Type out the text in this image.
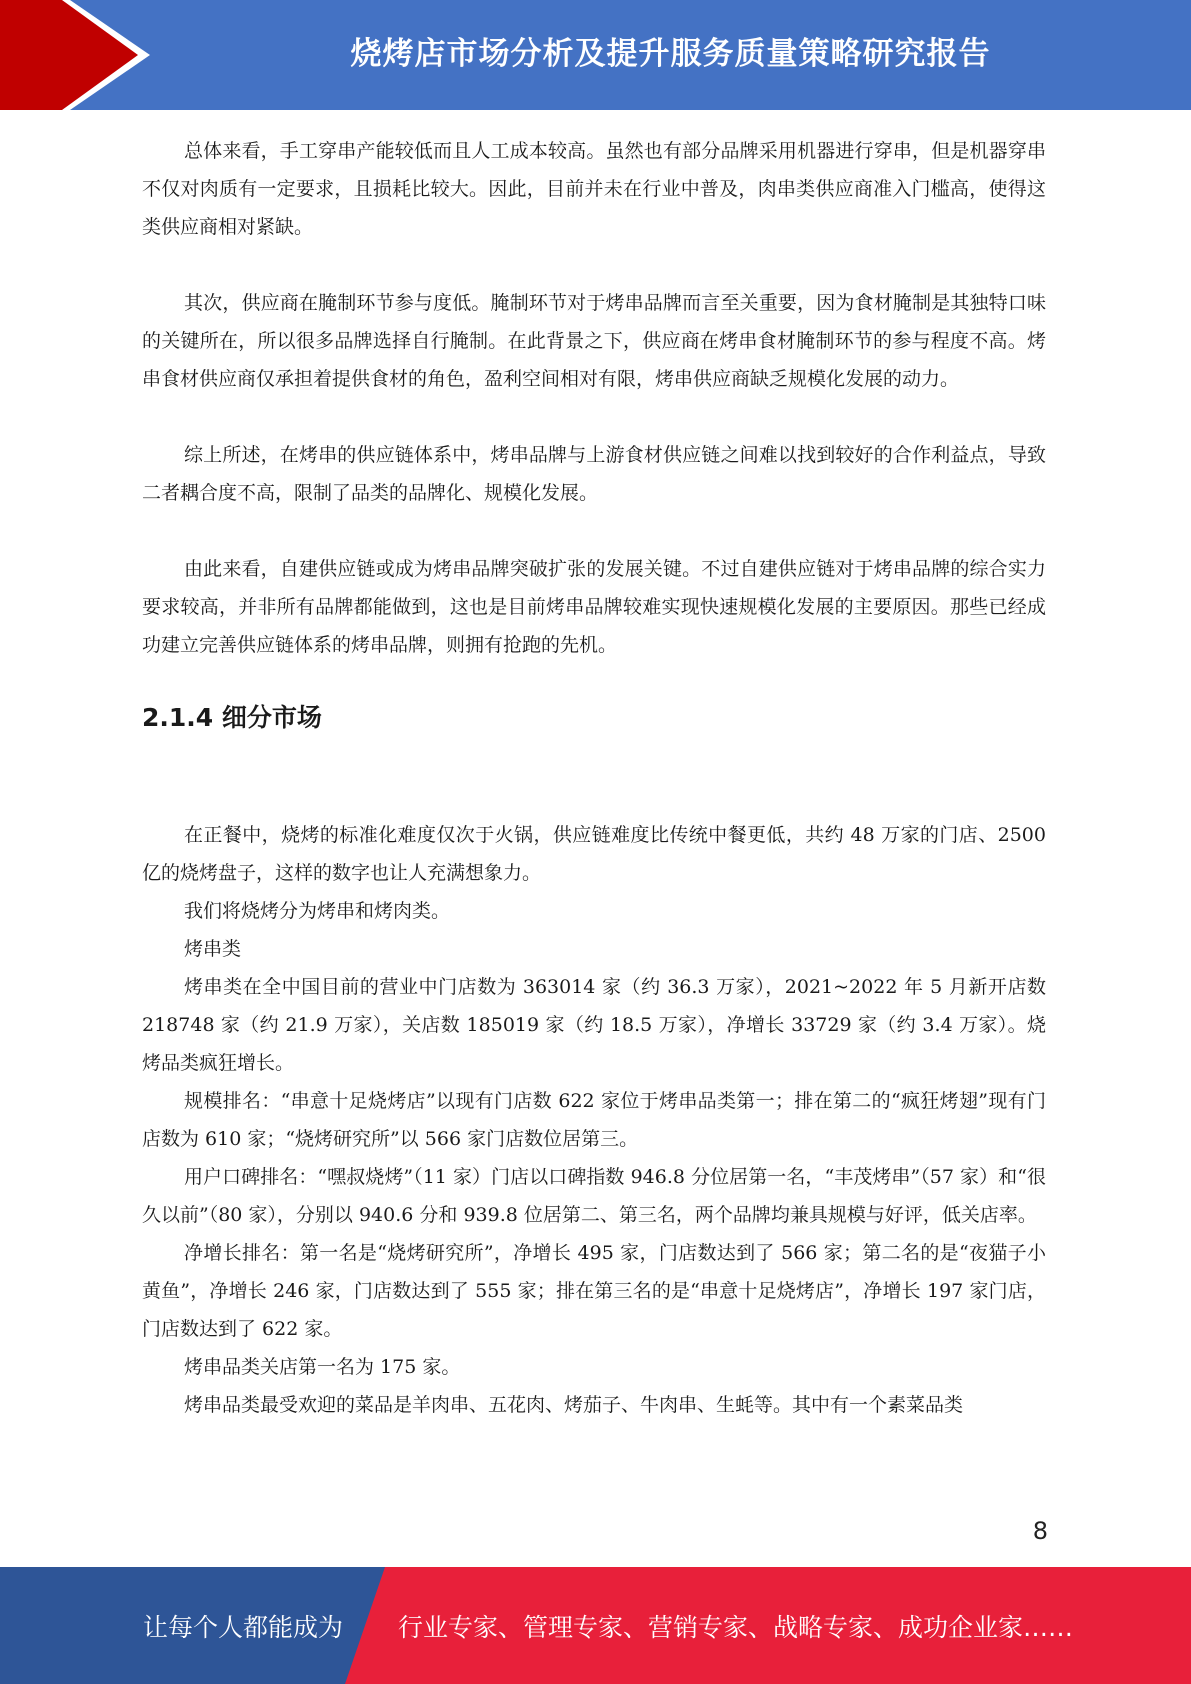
烧烤店市场分析及提升服务质量策略研究报告

总体来看，手工穿串产能较低而且人工成本较高。虽然也有部分品牌采用机器进行穿串，但是机器穿串不仅对肉质有一定要求，且损耗比较大。因此，目前并未在行业中普及，肉串类供应商准入门槛高，使得这类供应商相对紧缺。

其次，供应商在腌制环节参与度低。腌制环节对于烤串品牌而言至关重要，因为食材腌制是其独特口味的关键所在，所以很多品牌选择自行腌制。在此背景之下，供应商在烤串食材腌制环节的参与程度不高。烤串食材供应商仅承担着提供食材的角色，盈利空间相对有限，烤串供应商缺乏规模化发展的动力。

综上所述，在烤串的供应链体系中，烤串品牌与上游食材供应链之间难以找到较好的合作利益点，导致二者耦合度不高，限制了品类的品牌化、规模化发展。

由此来看，自建供应链或成为烤串品牌突破扩张的发展关键。不过自建供应链对于烤串品牌的综合实力要求较高，并非所有品牌都能做到，这也是目前烤串品牌较难实现快速规模化发展的主要原因。那些已经成功建立完善供应链体系的烤串品牌，则拥有抢跑的先机。

2.1.4 细分市场

在正餐中，烧烤的标准化难度仅次于火锅，供应链难度比传统中餐更低，共约 48 万家的门店、2500 亿的烧烤盘子，这样的数字也让人充满想象力。

我们将烧烤分为烤串和烤肉类。

烤串类

烤串类在全中国目前的营业中门店数为 363014 家（约 36.3 万家），2021~2022 年 5 月新开店数 218748 家（约 21.9 万家），关店数 185019 家（约 18.5 万家），净增长 33729 家（约 3.4 万家）。烧烤品类疯狂增长。

规模排名：“串意十足烧烤店”以现有门店数 622 家位于烤串品类第一；排在第二的“疯狂烤翅”现有门店数为 610 家；“烧烤研究所”以 566 家门店数位居第三。

用户口碑排名：“嘿叔烧烤”（11 家）门店以口碑指数 946.8 分位居第一名，“丰茂烤串”（57 家）和“很久以前”（80 家），分别以 940.6 分和 939.8 位居第二、第三名，两个品牌均兼具规模与好评，低关店率。

净增长排名：第一名是“烧烤研究所”，净增长 495 家，门店数达到了 566 家；第二名的是“夜猫子小黄鱼”，净增长 246 家，门店数达到了 555 家；排在第三名的是“串意十足烧烤店”，净增长 197 家门店，门店数达到了 622 家。

烤串品类关店第一名为 175 家。

烤串品类最受欢迎的菜品是羊肉串、五花肉、烤茄子、牛肉串、生蚝等。其中有一个素菜品类

8
让每个人都能成为 行业专家、管理专家、营销专家、战略专家、成功企业家……
